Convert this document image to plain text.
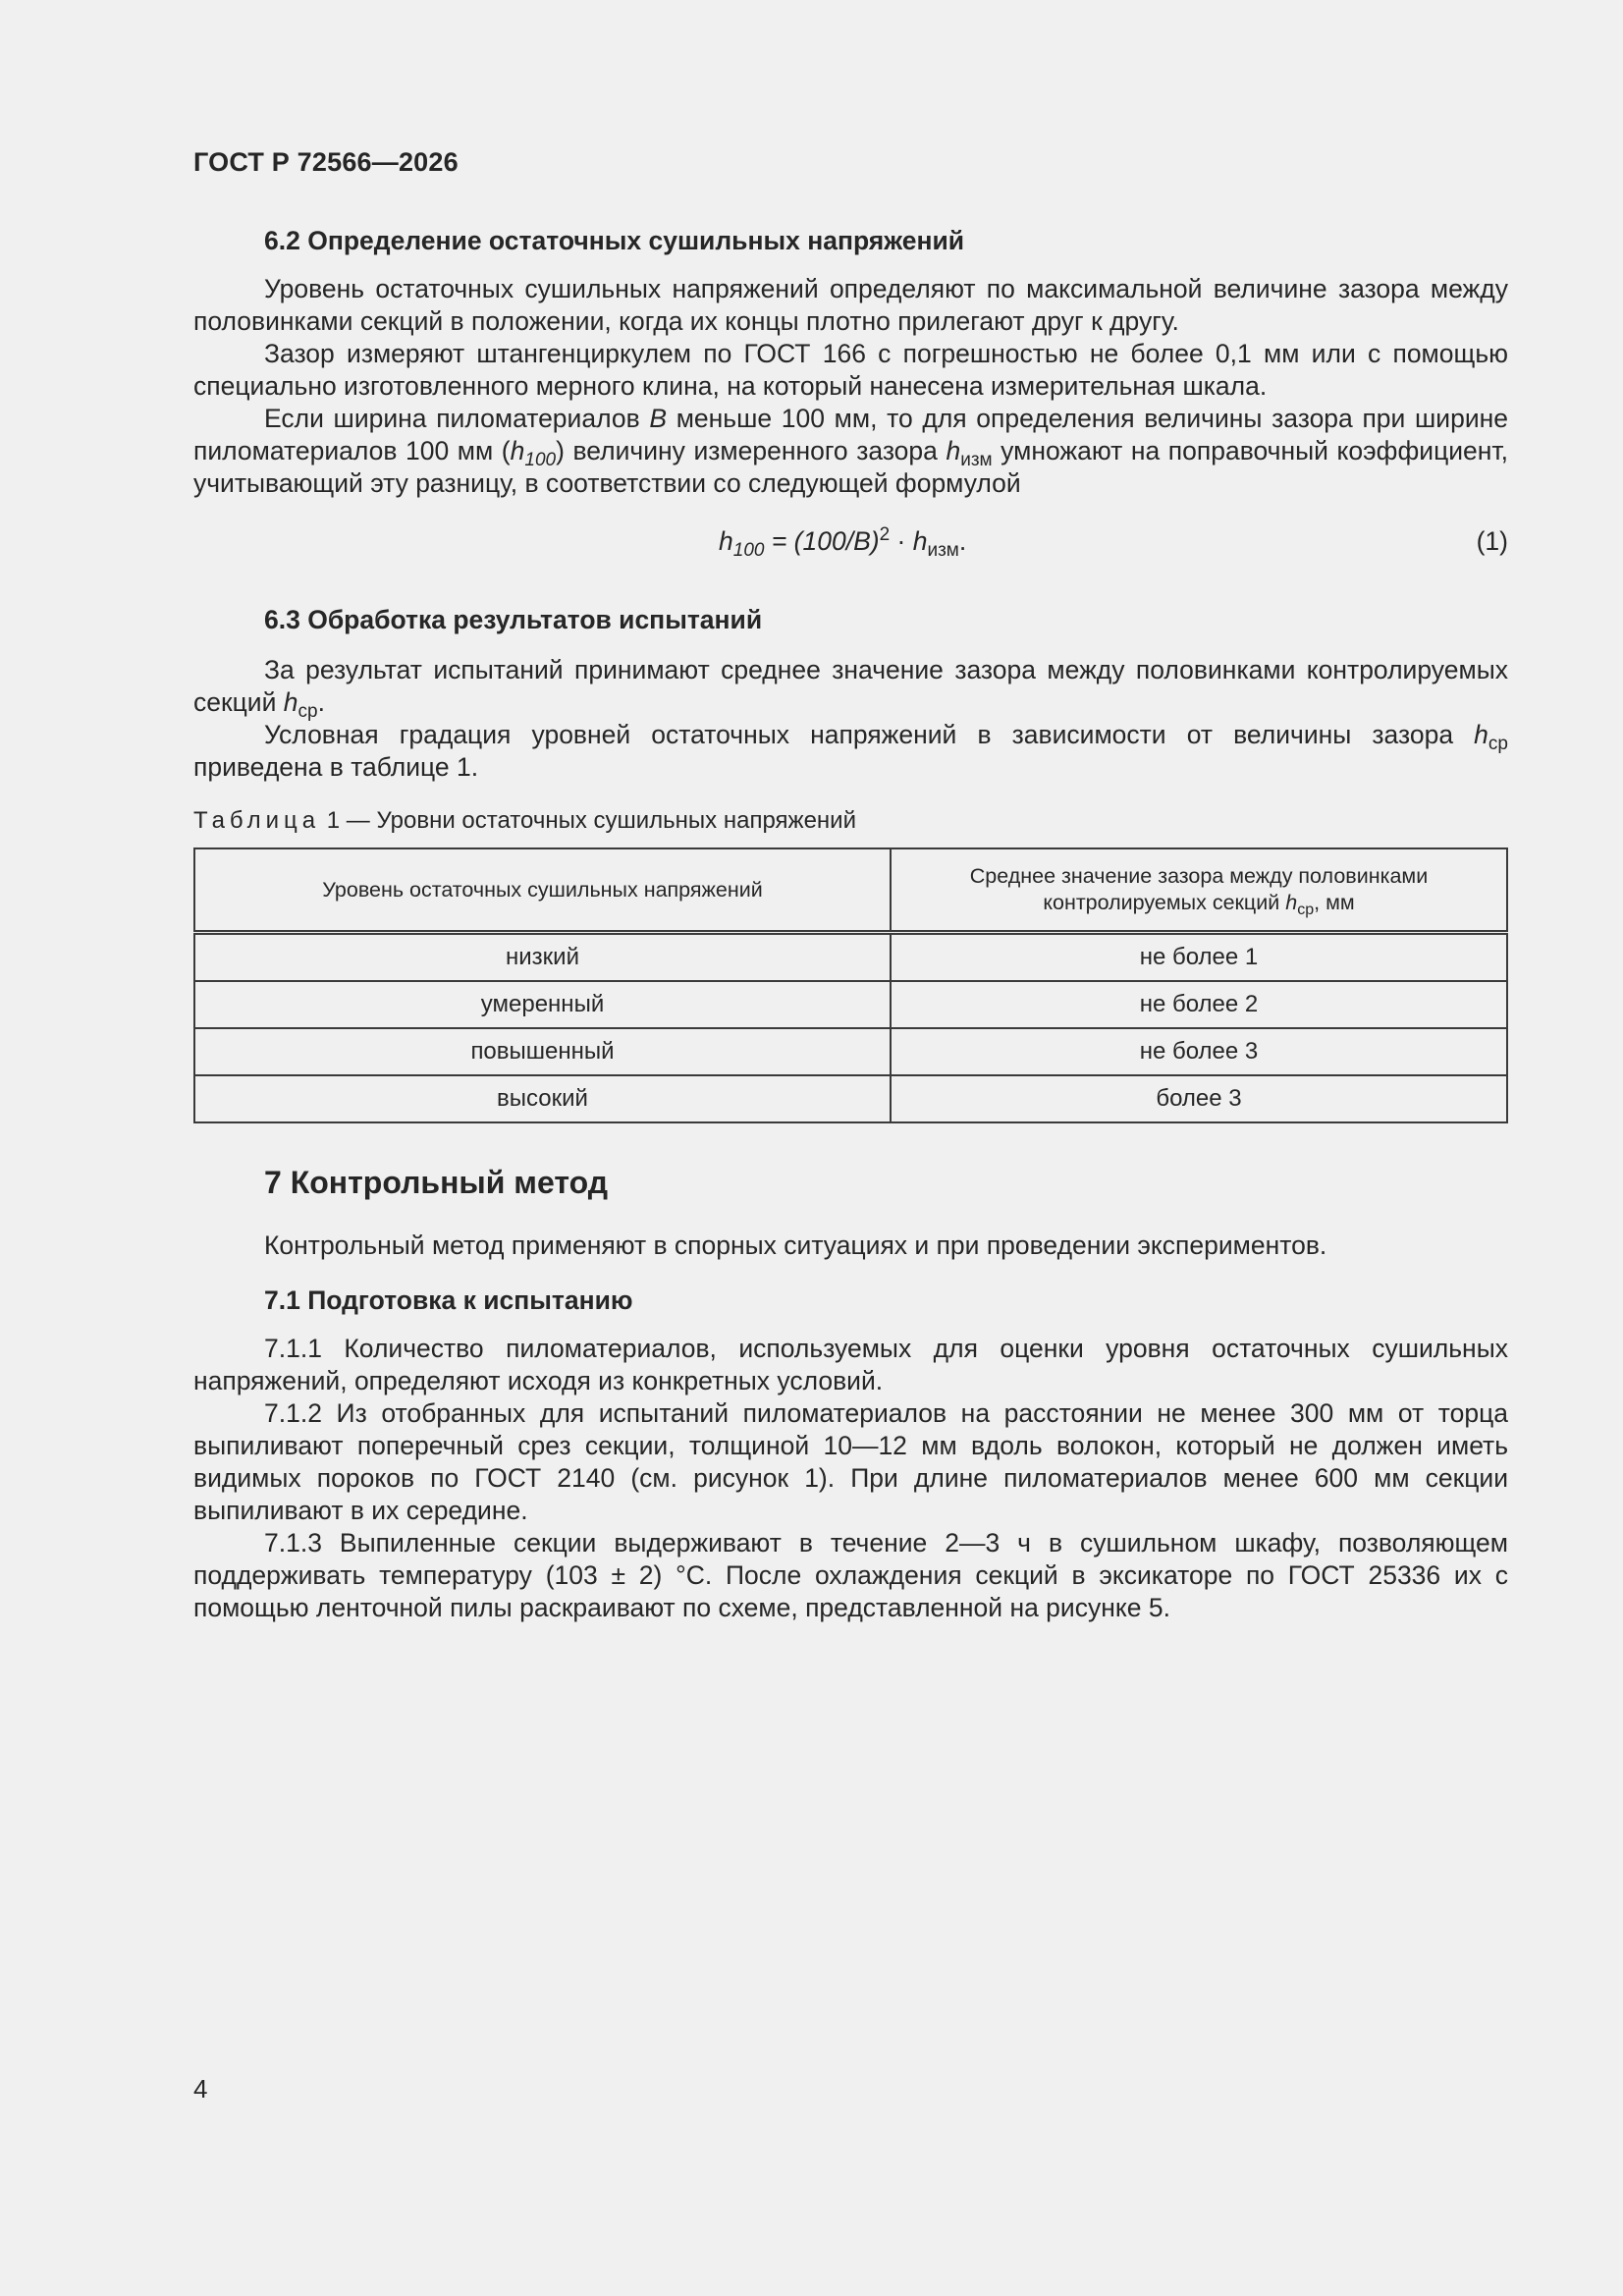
ГОСТ Р 72566—2026
6.2 Определение остаточных сушильных напряжений

Уровень остаточных сушильных напряжений определяют по максимальной величине зазора между половинками секций в положении, когда их концы плотно прилегают друг к другу.

Зазор измеряют штангенциркулем по ГОСТ 166 с погрешностью не более 0,1 мм или с помощью специально изготовленного мерного клина, на который нанесена измерительная шкала.

Если ширина пиломатериалов B меньше 100 мм, то для определения величины зазора при ширине пиломатериалов 100 мм $(h_{100})$ величину измеренного зазора $h_{изм}$ умножают на поправочный коэффициент, учитывающий эту разницу, в соответствии со следующей формулой

$h_{100} = (100/B)^2 \cdot h_{изм}$.	(1)
6.3 Обработка результатов испытаний

За результат испытаний принимают среднее значение зазора между половинками контролируемых секций $h_{ср}$.

Условная градация уровней остаточных напряжений в зависимости от величины зазора $h_{ср}$ приведена в таблице 1.

Таблица 1 — Уровни остаточных сушильных напряжений
Уровень остаточных сушильных напряжений	Среднее значение зазора между половинками
контролируемых секций $h_{ср}$, мм
низкий	не более 1
умеренный	не более 2
повышенный	не более 3
высокий	более 3
7 Контрольный метод

Контрольный метод применяют в спорных ситуациях и при проведении экспериментов.

7.1 Подготовка к испытанию

7.1.1 Количество пиломатериалов, используемых для оценки уровня остаточных сушильных напряжений, определяют исходя из конкретных условий.

7.1.2 Из отобранных для испытаний пиломатериалов на расстоянии не менее 300 мм от торца выпиливают поперечный срез секции, толщиной 10—12 мм вдоль волокон, который не должен иметь видимых пороков по ГОСТ 2140 (см. рисунок 1). При длине пиломатериалов менее 600 мм секции выпиливают в их середине.

7.1.3 Выпиленные секции выдерживают в течение 2—3 ч в сушильном шкафу, позволяющем поддерживать температуру (103 ± 2) °С. После охлаждения секций в эксикаторе по ГОСТ 25336 их с помощью ленточной пилы раскраивают по схеме, представленной на рисунке 5.

4
